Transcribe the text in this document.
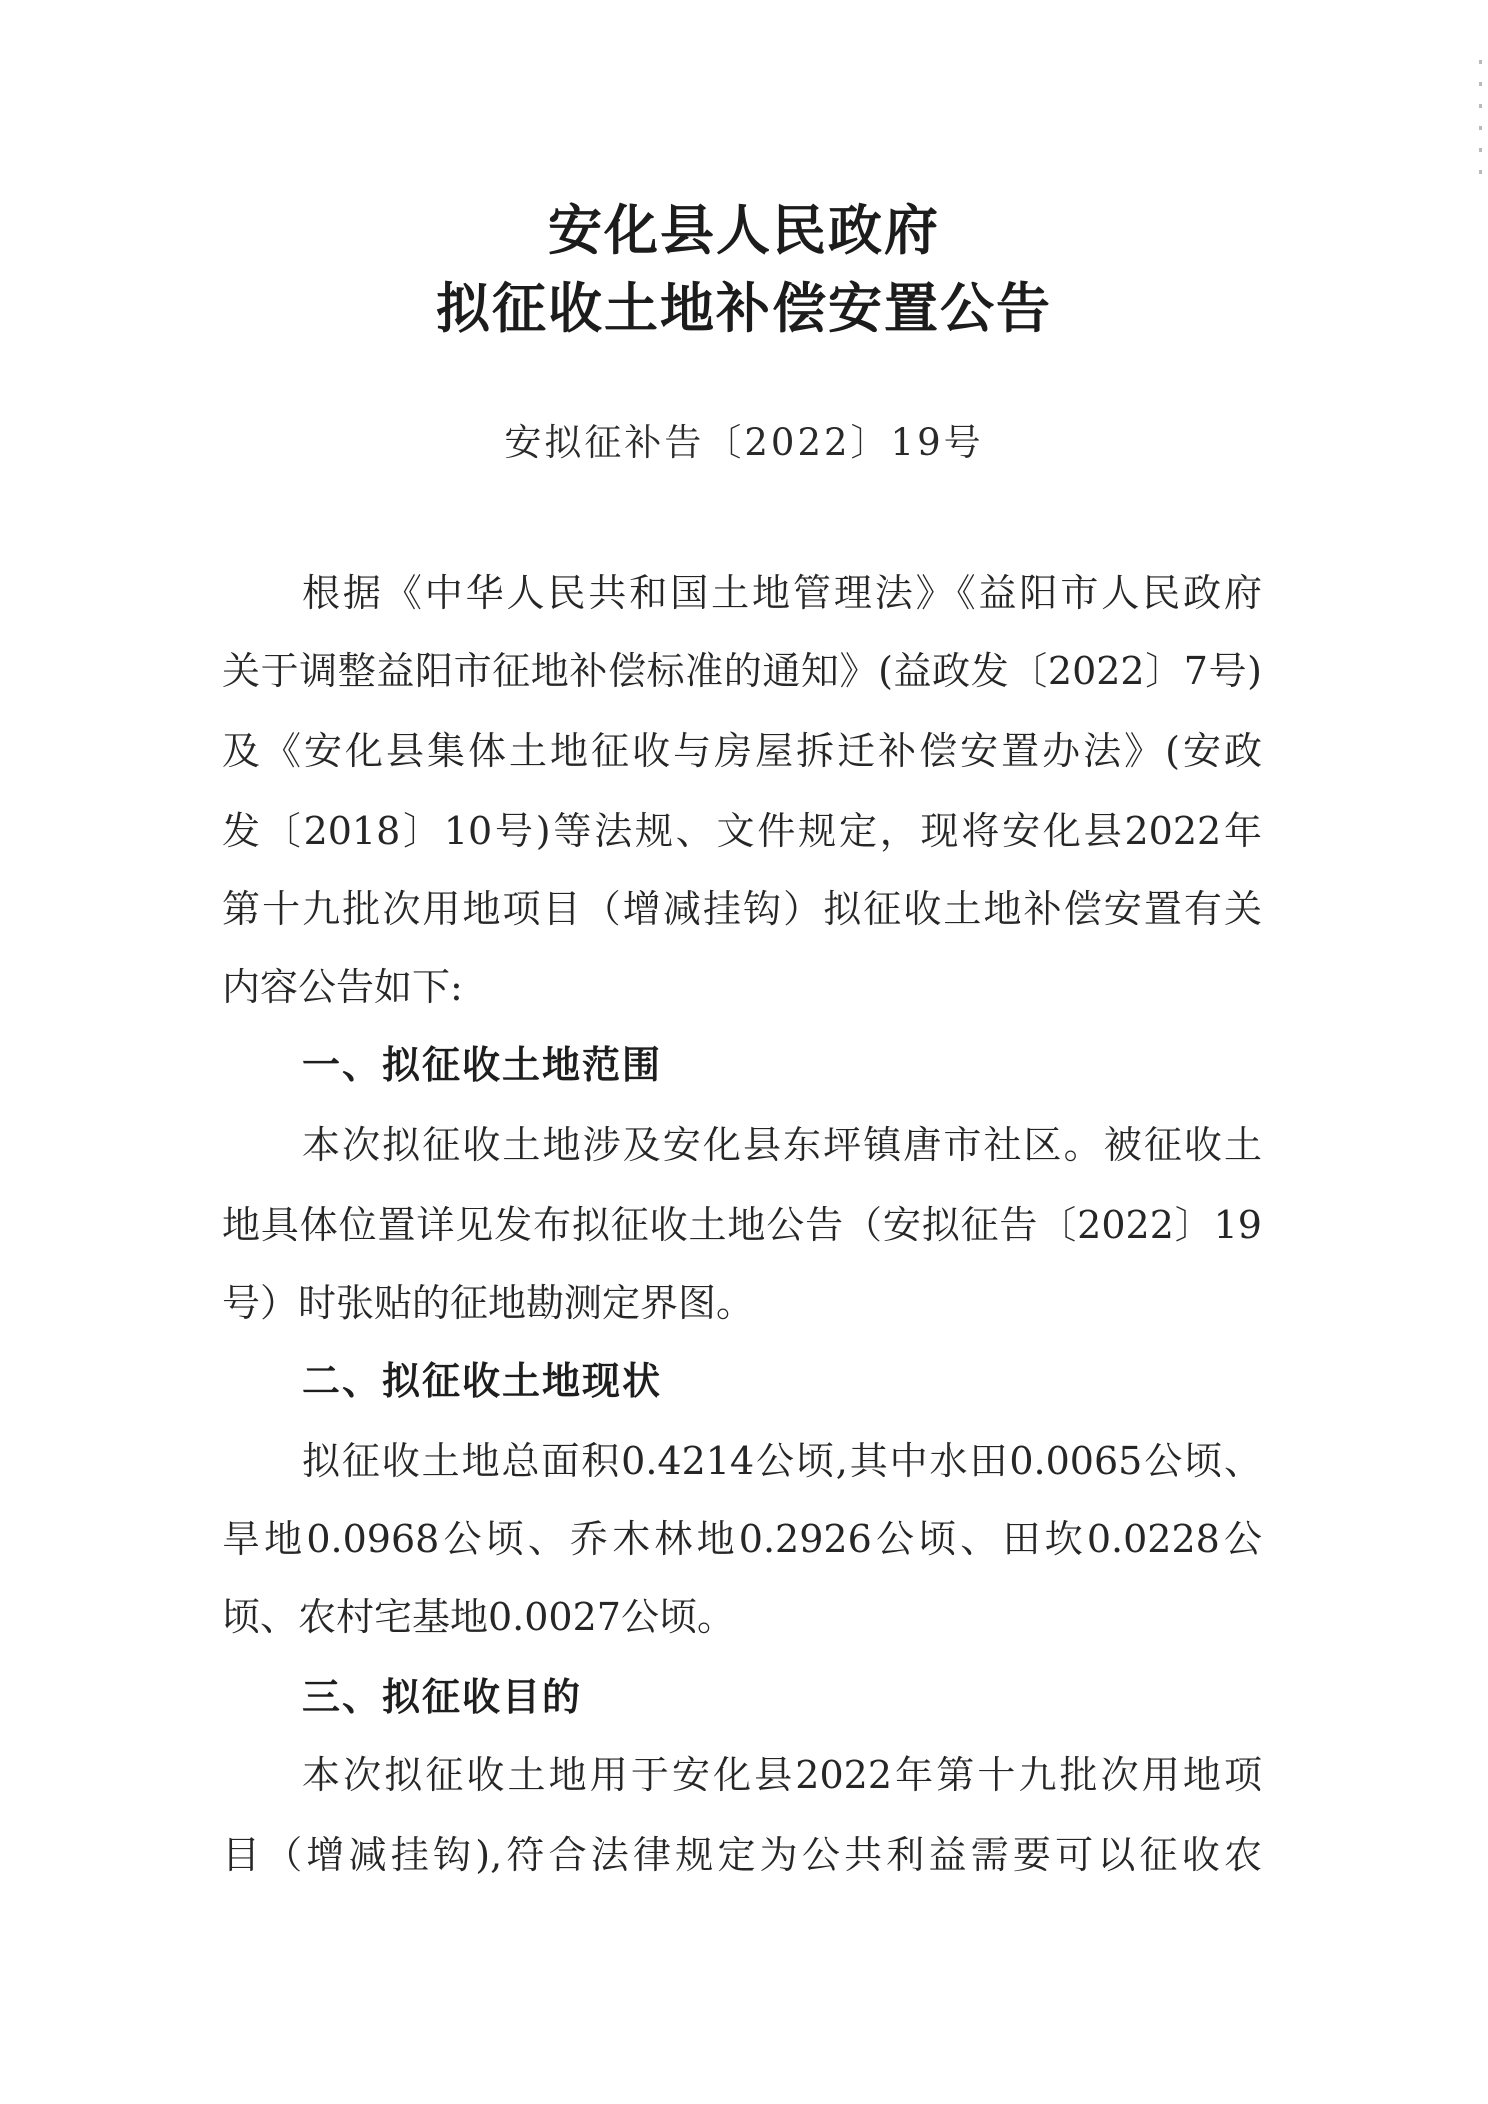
安化县人民政府
拟征收土地补偿安置公告
安拟征补告〔2022〕19号
根据《中华人民共和国土地管理法》《益阳市人民政府
关于调整益阳市征地补偿标准的通知》(益政发〔2022〕7号)
及《安化县集体土地征收与房屋拆迁补偿安置办法》(安政
发〔2018〕10号)等法规、文件规定，现将安化县2022年
第十九批次用地项目（增减挂钩）拟征收土地补偿安置有关
内容公告如下:
一、拟征收土地范围
本次拟征收土地涉及安化县东坪镇唐市社区。被征收土
地具体位置详见发布拟征收土地公告（安拟征告〔2022〕19
号）时张贴的征地勘测定界图。
二、拟征收土地现状
拟征收土地总面积0.4214公顷,其中水田0.0065公顷、
旱地0.0968公顷、乔木林地0.2926公顷、田坎0.0228公
顷、农村宅基地0.0027公顷。
三、拟征收目的
本次拟征收土地用于安化县2022年第十九批次用地项
目（增减挂钩),符合法律规定为公共利益需要可以征收农
